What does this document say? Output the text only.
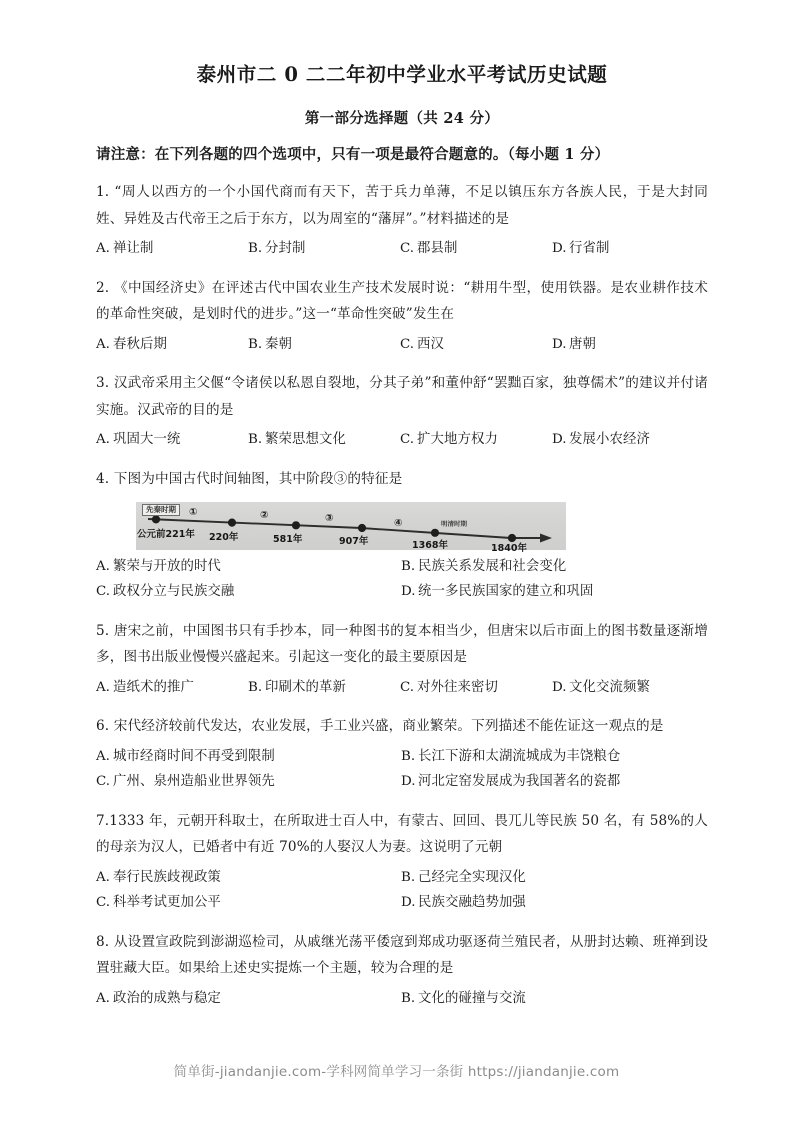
泰州市二 0 二二年初中学业水平考试历史试题
第一部分选择题（共 24 分）
请注意：在下列各题的四个选项中，只有一项是最符合题意的。（每小题 1 分）
1. “周人以西方的一个小国代商而有天下，苦于兵力单薄，不足以镇压东方各族人民，于是大封同姓、异姓及古代帝王之后于东方，以为周室的“藩屏”。”材料描述的是
A. 禅让制	B. 分封制	C. 郡县制	D. 行省制
2. 《中国经济史》在评述古代中国农业生产技术发展时说：“耕用牛型，使用铁器。是农业耕作技术的革命性突破，是划时代的进步。”这一“革命性突破”发生在
A. 春秋后期	B. 秦朝	C. 西汉	D. 唐朝
3. 汉武帝采用主父偃“令诸侯以私恩自裂地，分其子弟”和董仲舒“罢黜百家，独尊儒术”的建议并付诸实施。汉武帝的目的是
A. 巩固大一统	B. 繁荣思想文化	C. 扩大地方权力	D. 发展小农经济
4. 下图为中国古代时间轴图，其中阶段③的特征是
先秦时期
明清时期
①	②	③	④
公元前221年 220年	581年	907年	1368年	1840年
A. 繁荣与开放的时代	B. 民族关系发展和社会变化
C. 政权分立与民族交融	D. 统一多民族国家的建立和巩固
5. 唐宋之前，中国图书只有手抄本，同一种图书的复本相当少，但唐宋以后市面上的图书数量逐渐增多，图书出版业慢慢兴盛起来。引起这一变化的最主要原因是
A. 造纸术的推广	B. 印刷术的革新	C. 对外往来密切	D. 文化交流频繁
6. 宋代经济较前代发达，农业发展，手工业兴盛，商业繁荣。下列描述不能佐证这一观点的是
A. 城市经商时间不再受到限制	B. 长江下游和太湖流城成为丰饶粮仓
C. 广州、泉州造船业世界领先	D. 河北定窑发展成为我国著名的瓷都
7.1333 年，元朝开科取士，在所取进士百人中，有蒙古、回回、畏兀儿等民族 50 名，有 58%的人的母亲为汉人，已婚者中有近 70%的人娶汉人为妻。这说明了元朝
A. 奉行民族歧视政策	B. 己经完全实现汉化
C. 科举考试更加公平	D. 民族交融趋势加强
8. 从设置宣政院到澎湖巡检司，从戚继光荡平倭寇到郑成功驱逐荷兰殖民者，从册封达赖、班禅到设置驻藏大臣。如果给上述史实提炼一个主题，较为合理的是
A. 政治的成熟与稳定	B. 文化的碰撞与交流
简单街-jiandanjie.com-学科网简单学习一条街 https://jiandanjie.com
